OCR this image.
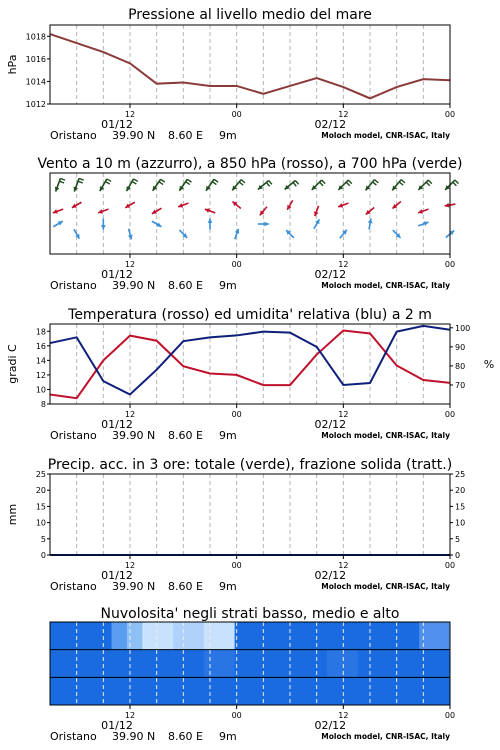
1012
1014
1016
1018
Pressione al livello medio del mare
hPa
12	00	12	00
01/12	02/12
Oristano 39.90 N 8.60 E 9m	Moloch model, CNR-ISAC, Italy
Vento a 10 m (azzurro), a 850 hPa (rosso), a 700 hPa (verde)
12	00	12	00
01/12	02/12
Oristano 39.90 N 8.60 E 9m	Moloch model, CNR-ISAC, Italy
8
10
12
14
16
18
70
80
90
100
Temperatura (rosso) ed umidita' relativa (blu) a 2 m
gradi C	%
12	00	12	00
01/12	02/12
Oristano 39.90 N 8.60 E 9m	Moloch model, CNR-ISAC, Italy
0
5
10
15
20
25
0
5
10
15
20
25
Precip. acc. in 3 ore: totale (verde), frazione solida (tratt.)
mm
12	00	12	00
01/12	02/12
Oristano 39.90 N 8.60 E 9m	Moloch model, CNR-ISAC, Italy
Nuvolosita' negli strati basso, medio e alto
12	00	12	00
01/12	02/12
Oristano 39.90 N 8.60 E 9m	Moloch model, CNR-ISAC, Italy
